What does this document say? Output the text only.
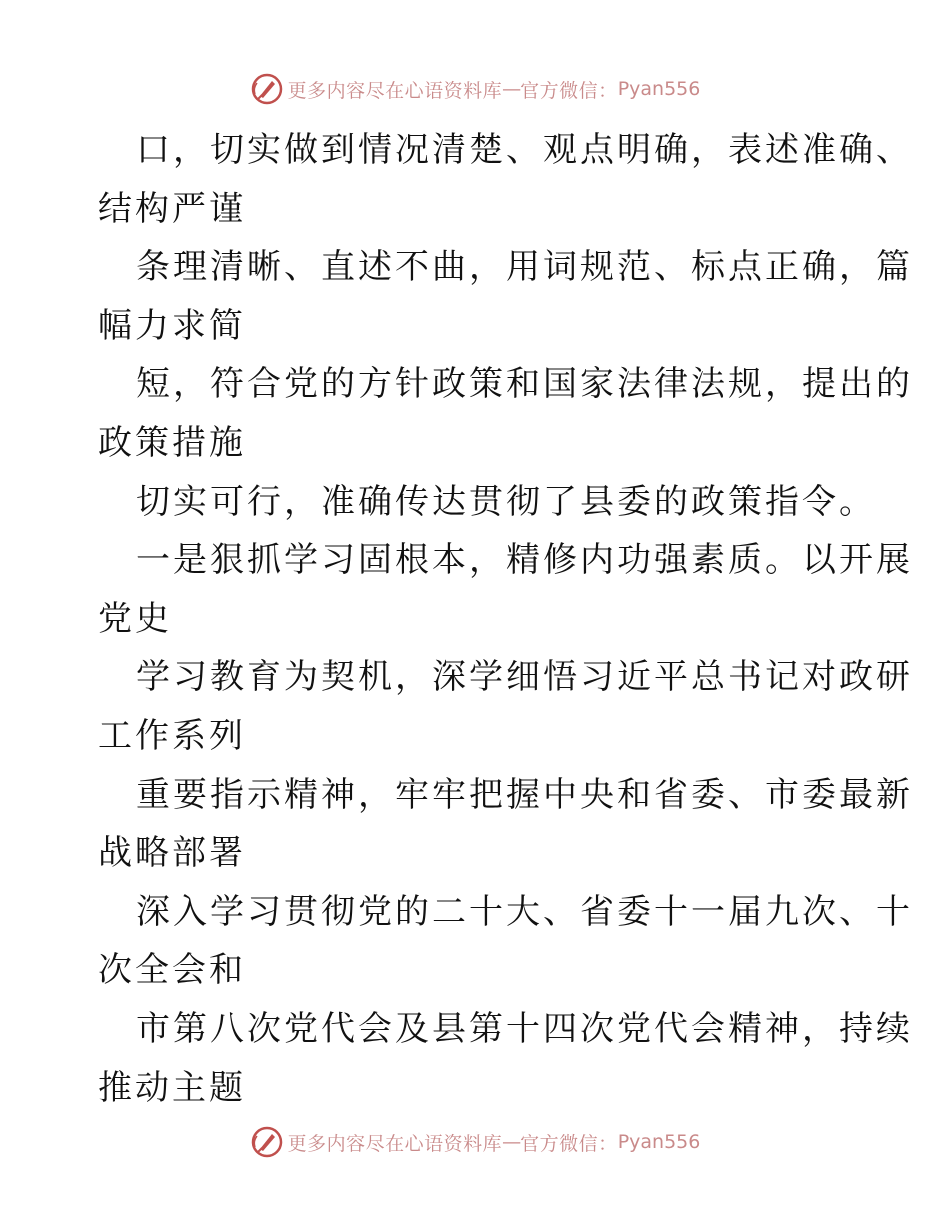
更多内容尽在心语资料库 — 官方微信： Pyan556
口，切实做到情况清楚、观点明确，表述准确、
结构严谨
条理清晰、直述不曲，用词规范、标点正确，篇
幅力求简
短，符合党的方针政策和国家法律法规，提出的
政策措施
切实可行，准确传达贯彻了县委的政策指令。
一是狠抓学习固根本，精修内功强素质。以开展
党史
学习教育为契机，深学细悟习近平总书记对政研
工作系列
重要指示精神，牢牢把握中央和省委、市委最新
战略部署
深入学习贯彻党的二十大、省委十一届九次、十
次全会和
市第八次党代会及县第十四次党代会精神，持续
推动主题
更多内容尽在心语资料库 — 官方微信： Pyan556
